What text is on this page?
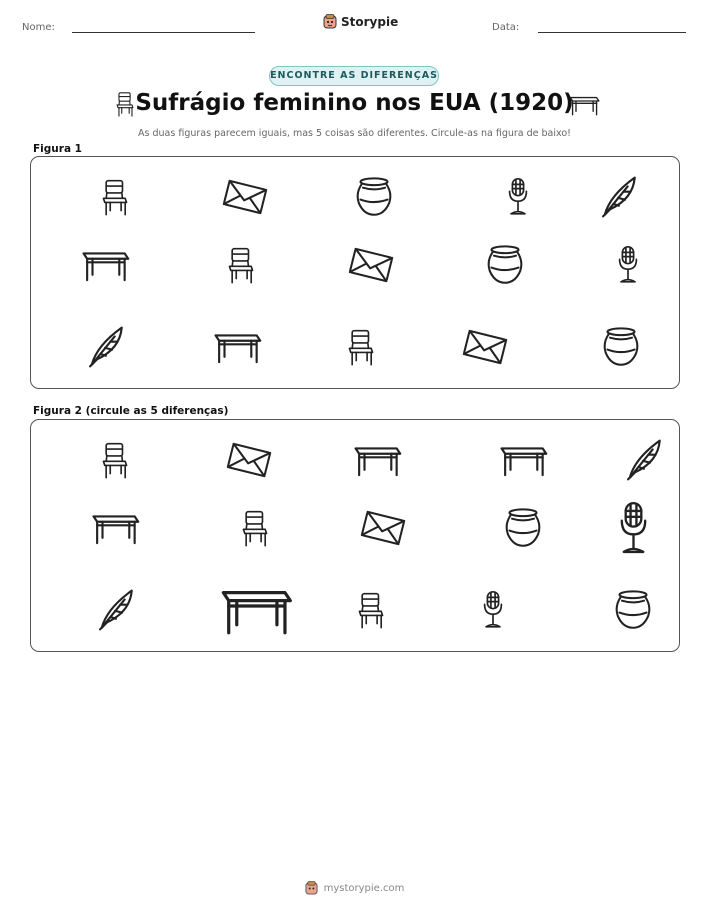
Nome:	Storypie	Data:
ENCONTRE AS DIFERENÇAS
Sufrágio feminino nos EUA (1920)
As duas figuras parecem iguais, mas 5 coisas são diferentes. Circule-as na figura de baixo!
Figura 1
Figura 2 (circule as 5 diferenças)
mystorypie.com
